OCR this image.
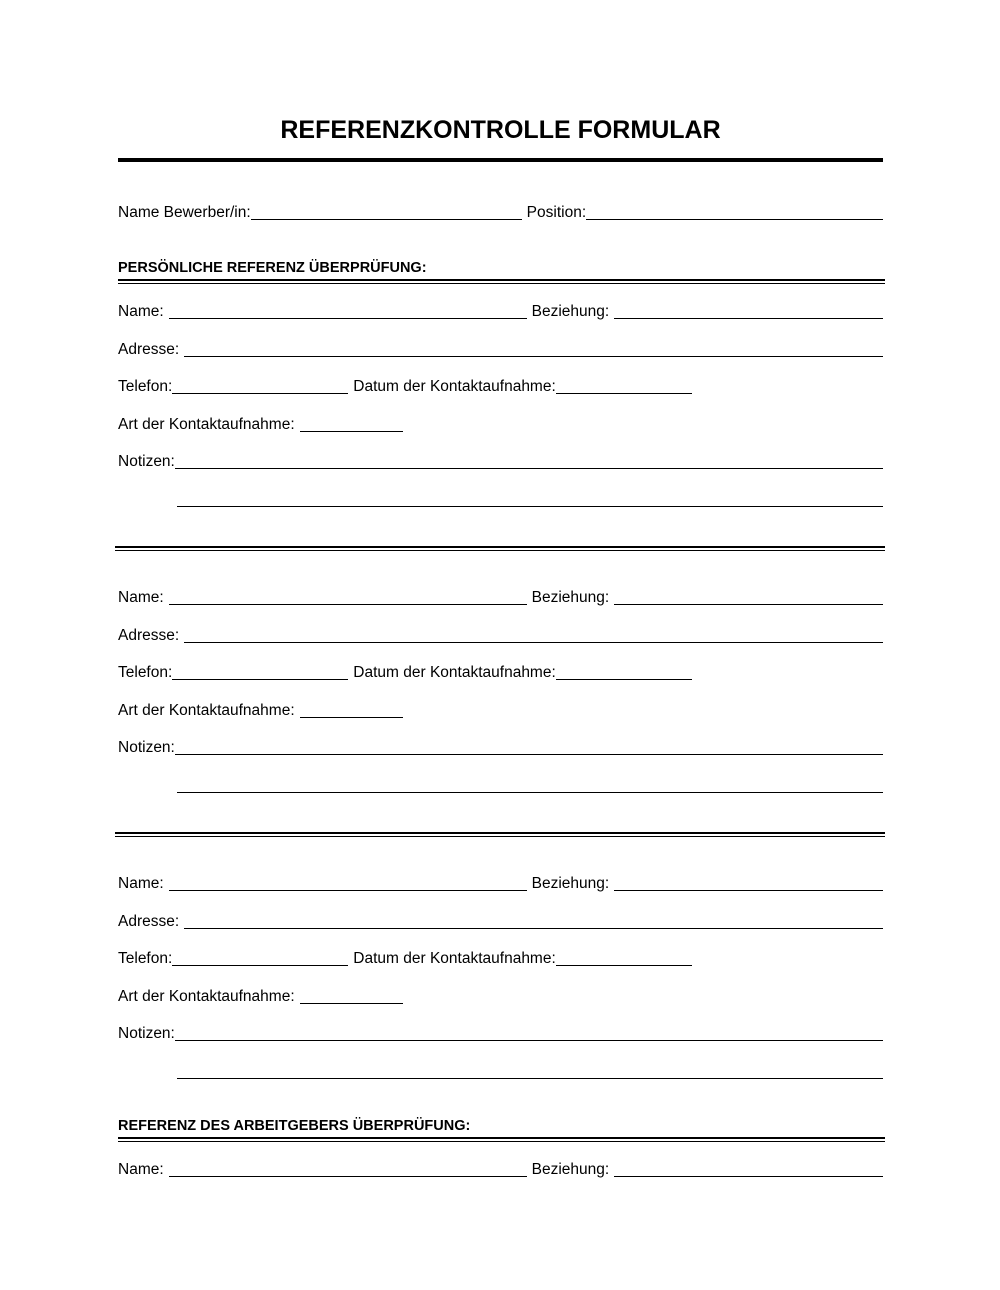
REFERENZKONTROLLE FORMULAR
Name Bewerber/in:	Position:
PERSÖNLICHE REFERENZ ÜBERPRÜFUNG:
Name:	Beziehung:
Adresse:
Telefon:	Datum der Kontaktaufnahme:
Art der Kontaktaufnahme:
Notizen:
Name:	Beziehung:
Adresse:
Telefon:	Datum der Kontaktaufnahme:
Art der Kontaktaufnahme:
Notizen:
Name:	Beziehung:
Adresse:
Telefon:	Datum der Kontaktaufnahme:
Art der Kontaktaufnahme:
Notizen:
REFERENZ DES ARBEITGEBERS ÜBERPRÜFUNG:
Name:	Beziehung:
